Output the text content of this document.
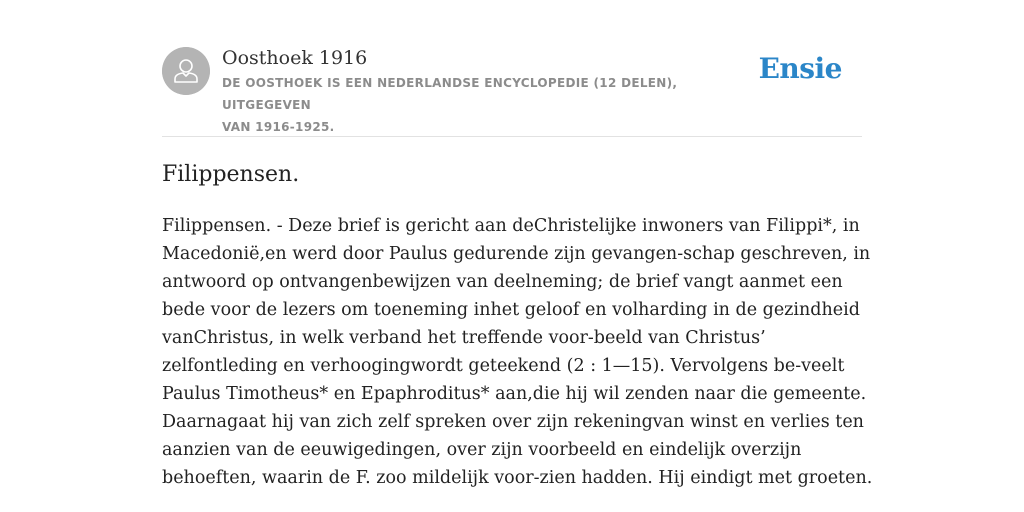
Oosthoek 1916

DE OOSTHOEK IS EEN NEDERLANDSE ENCYCLOPEDIE (12 DELEN), UITGEGEVEN
VAN 1916-1925.

Ensie
Filippensen.

Filippensen. - Deze brief is gericht aan deChristelijke inwoners van Filippi*, in
Macedonië,en werd door Paulus gedurende zijn gevangen-schap geschreven, in
antwoord op ontvangenbewijzen van deelneming; de brief vangt aanmet een
bede voor de lezers om toeneming inhet geloof en volharding in de gezindheid
vanChristus, in welk verband het treffende voor-beeld van Christus’
zelfontleding en verhoogingwordt geteekend (2 : 1—15). Vervolgens be-veelt
Paulus Timotheus* en Epaphroditus* aan,die hij wil zenden naar die gemeente.
Daarnagaat hij van zich zelf spreken over zijn rekeningvan winst en verlies ten
aanzien van de eeuwigedingen, over zijn voorbeeld en eindelijk overzijn
behoeften, waarin de F. zoo mildelijk voor-zien hadden. Hij eindigt met groeten.
